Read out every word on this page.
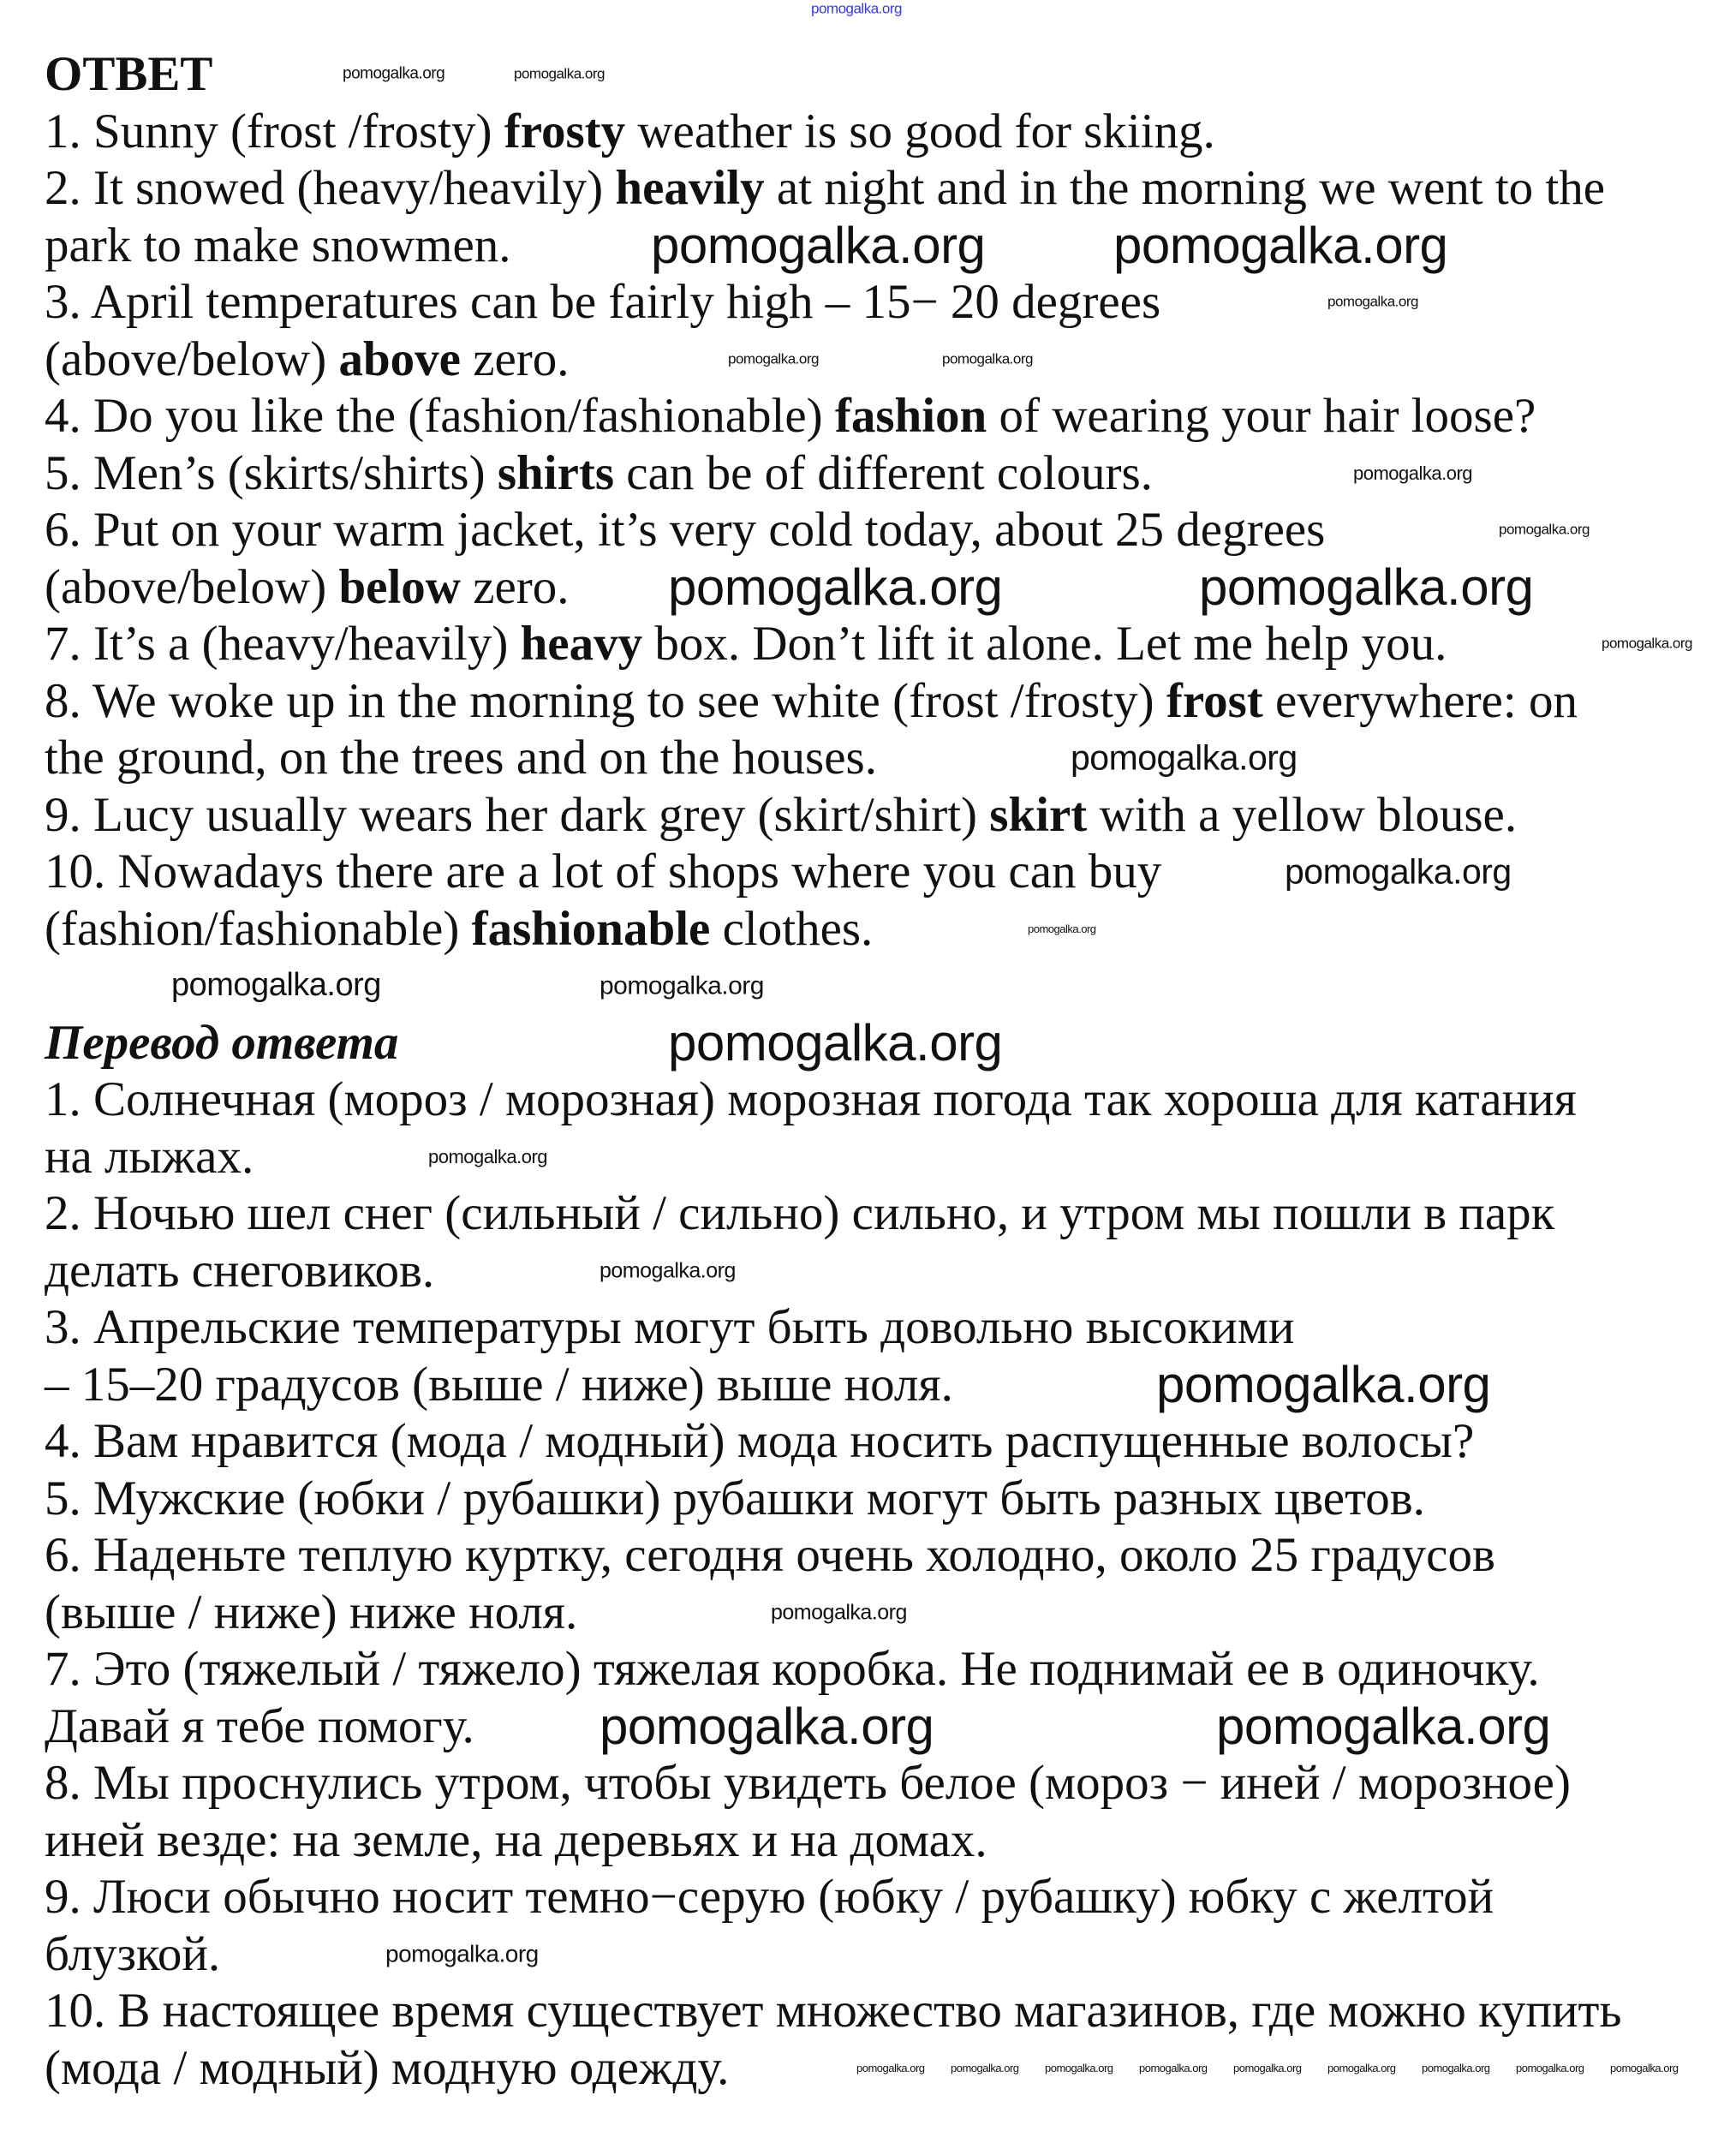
ОТВЕТ
1. Sunny (frost /frosty) frosty weather is so good for skiing.
2. It snowed (heavy/heavily) heavily at night and in the morning we went to the
park to make snowmen.
3. April temperatures can be fairly high – 15− 20 degrees
(above/below) above zero.
4. Do you like the (fashion/fashionable) fashion of wearing your hair loose?
5. Men’s (skirts/shirts) shirts can be of different colours.
6. Put on your warm jacket, it’s very cold today, about 25 degrees
(above/below) below zero.
7. It’s a (heavy/heavily) heavy box. Don’t lift it alone. Let me help you.
8. We woke up in the morning to see white (frost /frosty) frost everywhere: on
the ground, on the trees and on the houses.
9. Lucy usually wears her dark grey (skirt/shirt) skirt with a yellow blouse.
10. Nowadays there are a lot of shops where you can buy
(fashion/fashionable) fashionable clothes.
Перевод ответа
1. Солнечная (мороз / морозная) морозная погода так хороша для катания
на лыжах.
2. Ночью шел снег (сильный / сильно) сильно, и утром мы пошли в парк
делать снеговиков.
3. Апрельские температуры могут быть довольно высокими
– 15–20 градусов (выше / ниже) выше ноля.
4. Вам нравится (мода / модный) мода носить распущенные волосы?
5. Мужские (юбки / рубашки) рубашки могут быть разных цветов.
6. Наденьте теплую куртку, сегодня очень холодно, около 25 градусов
(выше / ниже) ниже ноля.
7. Это (тяжелый / тяжело) тяжелая коробка. Не поднимай ее в одиночку.
Давай я тебе помогу.
8. Мы проснулись утром, чтобы увидеть белое (мороз − иней / морозное)
иней везде: на земле, на деревьях и на домах.
9. Люси обычно носит темно−серую (юбку / рубашку) юбку с желтой
блузкой.
10. В настоящее время существует множество магазинов, где можно купить
(мода / модный) модную одежду.
pomogalka.org
pomogalka.org pomogalka.org
pomogalka.org	pomogalka.org
pomogalka.org
pomogalka.org
pomogalka.org
pomogalka.org
pomogalka.org
pomogalka.org	pomogalka.org
pomogalka.org	pomogalka.org
pomogalka.org
pomogalka.org	pomogalka.org
pomogalka.org
pomogalka.org
pomogalka.org
pomogalka.org
pomogalka.org
pomogalka.org
pomogalka.org
pomogalka.org
pomogalka.org
pomogalka.org pomogalka.org pomogalka.org pomogalka.org pomogalka.org pomogalka.org pomogalka.org pomogalka.org pomogalka.org
